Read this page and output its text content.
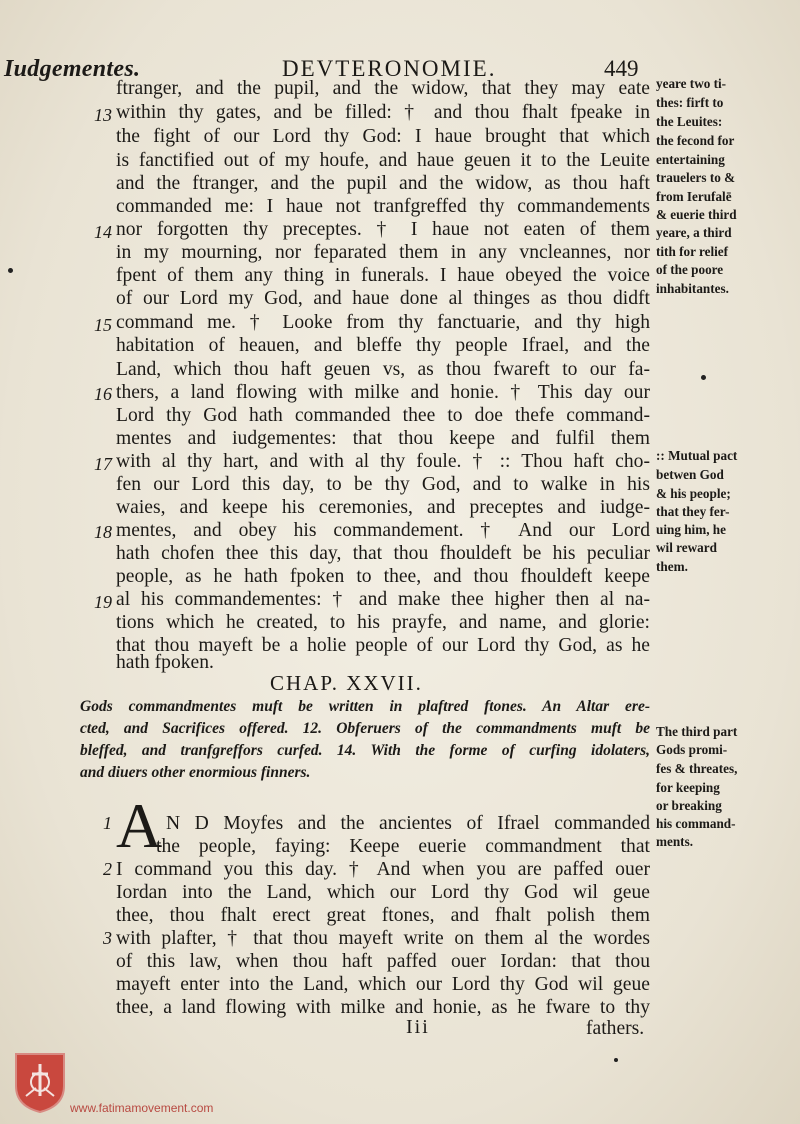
Iudgementes.	DEVTERONOMIE.	449
ftranger, and the pupil, and the widow, that they may eate
within thy gates, and be filled: † and thou fhalt fpeake in
the fight of our Lord thy God: I haue brought that which
is fanctified out of my houfe, and haue geuen it to the Leuite
and the ftranger, and the pupil and the widow, as thou haft
commanded me: I haue not tranfgreffed thy commandements
nor forgotten thy preceptes. † I haue not eaten of them
in my mourning, nor feparated them in any vncleannes, nor
fpent of them any thing in funerals. I haue obeyed the voice
of our Lord my God, and haue done al thinges as thou didft
command me. † Looke from thy fanctuarie, and thy high
habitation of heauen, and bleffe thy people Ifrael, and the
Land, which thou haft geuen vs, as thou fwareft to our fa-
thers, a land flowing with milke and honie. † This day our
Lord thy God hath commanded thee to doe thefe command-
mentes and iudgementes: that thou keepe and fulfil them
with al thy hart, and with al thy foule. † :: Thou haft cho-
fen our Lord this day, to be thy God, and to walke in his
waies, and keepe his ceremonies, and preceptes and iudge-
mentes, and obey his commandement. † And our Lord
hath chofen thee this day, that thou fhouldeft be his peculiar
people, as he hath fpoken to thee, and thou fhouldeft keepe
al his commandementes: † and make thee higher then al na-
tions which he created, to his prayfe, and name, and glorie:
that thou mayeft be a holie people of our Lord thy God, as he
hath fpoken.
13
14
15
16
17
18
19
yeare two ti-
thes: firft to
the Leuites:
the fecond for
entertaining
trauelers to &
from Ierufalē
& euerie third
yeare, a third
tith for relief
of the poore
inhabitantes.
:: Mutual pact
betwen God
& his people;
that they fer-
uing him, he
wil reward
them.
CHAP. XXVII.
Gods commandmentes muft be written in plaftred ftones. An Altar ere-
cted, and Sacrifices offered. 12. Obferuers of the commandments muft be
bleffed, and tranfgreffors curfed. 14. With the forme of curfing idolaters,
and diuers other enormious finners.
The third part
Gods promi-
fes & threates,
for keeping
or breaking
his command-
ments.
A
1
2
3
N D Moyfes and the ancientes of Ifrael commanded
the people, faying: Keepe euerie commandment that
I command you this day. † And when you are paffed ouer
Iordan into the Land, which our Lord thy God wil geue
thee, thou fhalt erect great ftones, and fhalt polish them
with plafter, † that thou mayeft write on them al the wordes
of this law, when thou haft paffed ouer Iordan: that thou
mayeft enter into the Land, which our Lord thy God wil geue
thee, a land flowing with milke and honie, as he fware to thy
Iii	fathers.
www.fatimamovement.com
